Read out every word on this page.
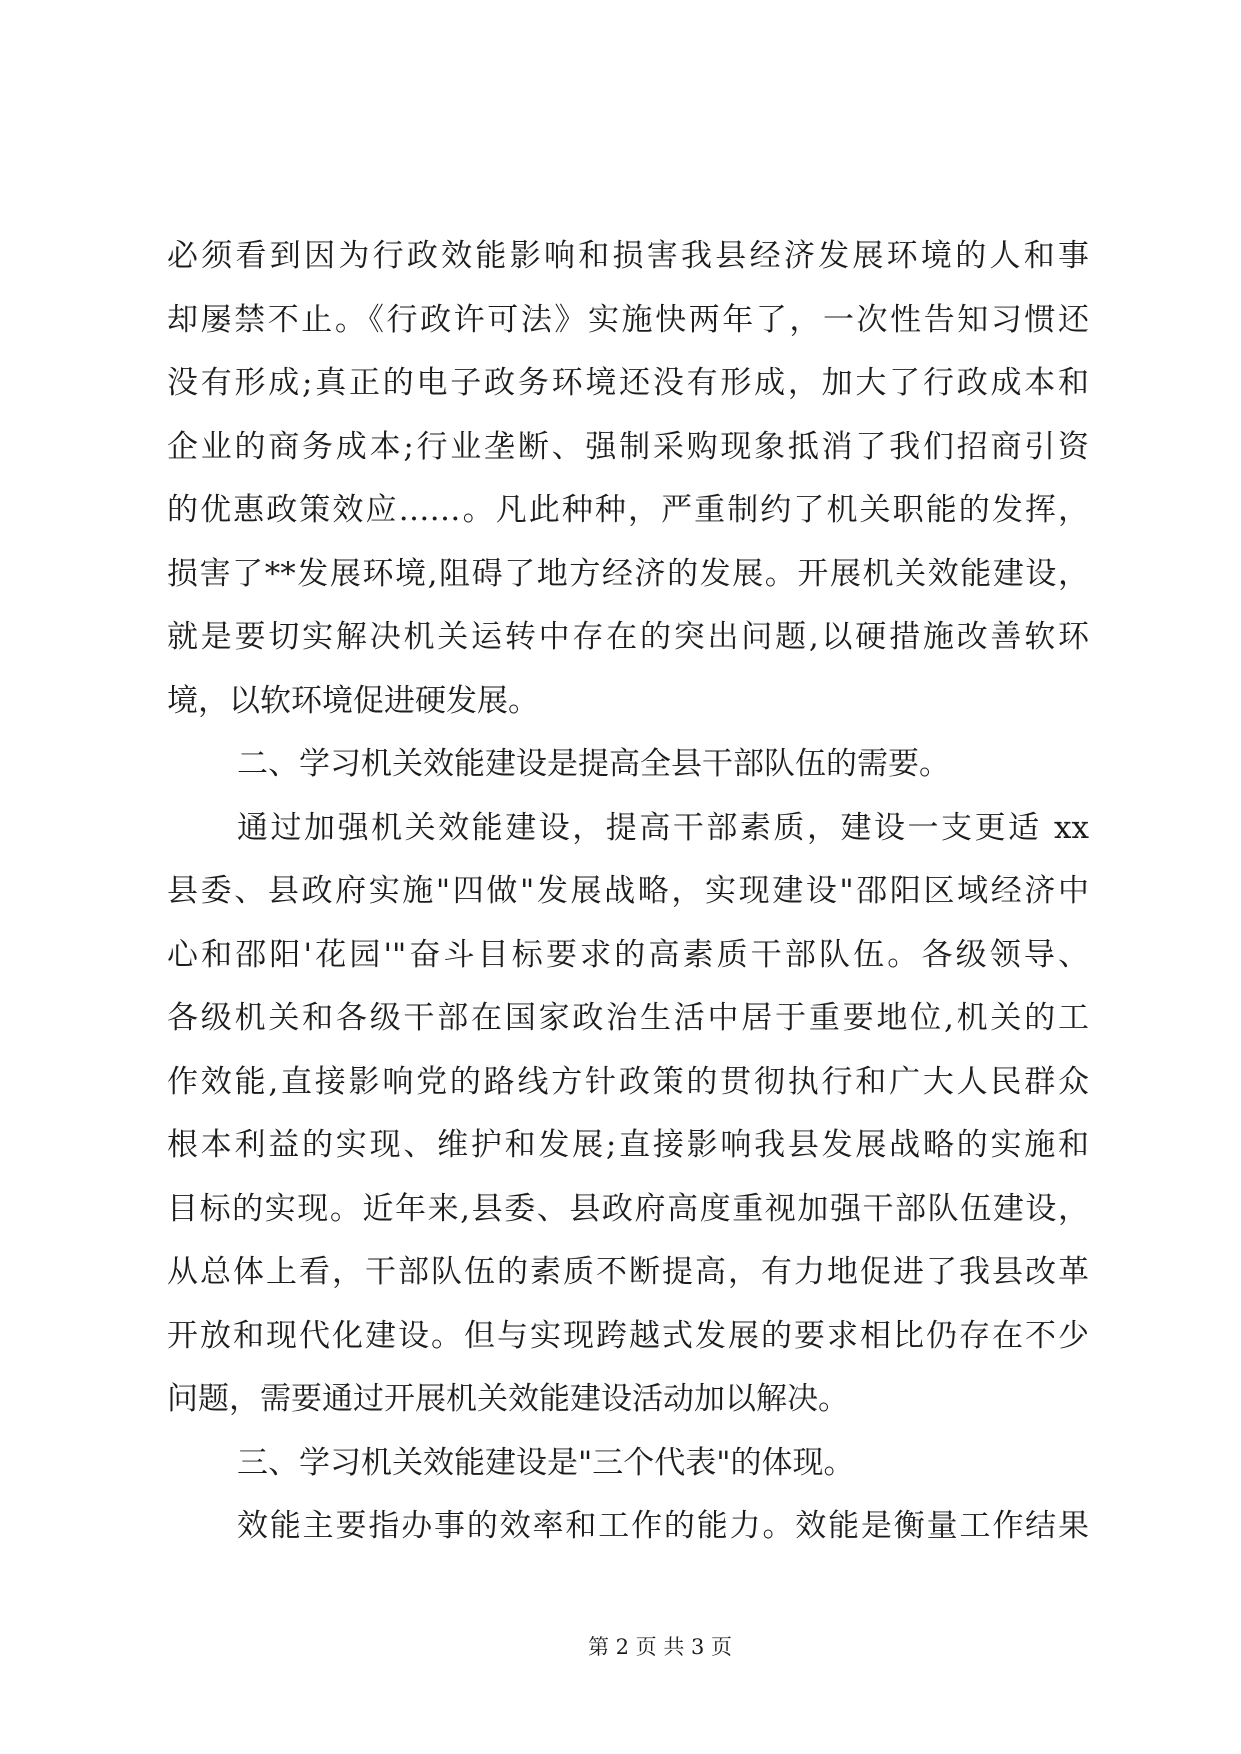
必须看到因为行政效能影响和损害我县经济发展环境的人和事
却屡禁不止。《行政许可法》实施快两年了，一次性告知习惯还
没有形成;真正的电子政务环境还没有形成，加大了行政成本和
企业的商务成本;行业垄断、强制采购现象抵消了我们招商引资
的优惠政策效应……。凡此种种，严重制约了机关职能的发挥，
损害了**发展环境,阻碍了地方经济的发展。开展机关效能建设，
就是要切实解决机关运转中存在的突出问题,以硬措施改善软环
境，以软环境促进硬发展。
二、学习机关效能建设是提高全县干部队伍的需要。
通过加强机关效能建设，提高干部素质，建设一支更适 xx
县委、县政府实施"四做"发展战略，实现建设"邵阳区域经济中
心和邵阳'花园'"奋斗目标要求的高素质干部队伍。各级领导、
各级机关和各级干部在国家政治生活中居于重要地位,机关的工
作效能,直接影响党的路线方针政策的贯彻执行和广大人民群众
根本利益的实现、维护和发展;直接影响我县发展战略的实施和
目标的实现。近年来,县委、县政府高度重视加强干部队伍建设，
从总体上看，干部队伍的素质不断提高，有力地促进了我县改革
开放和现代化建设。但与实现跨越式发展的要求相比仍存在不少
问题，需要通过开展机关效能建设活动加以解决。
三、学习机关效能建设是"三个代表"的体现。
效能主要指办事的效率和工作的能力。效能是衡量工作结果
第 2 页 共 3 页
